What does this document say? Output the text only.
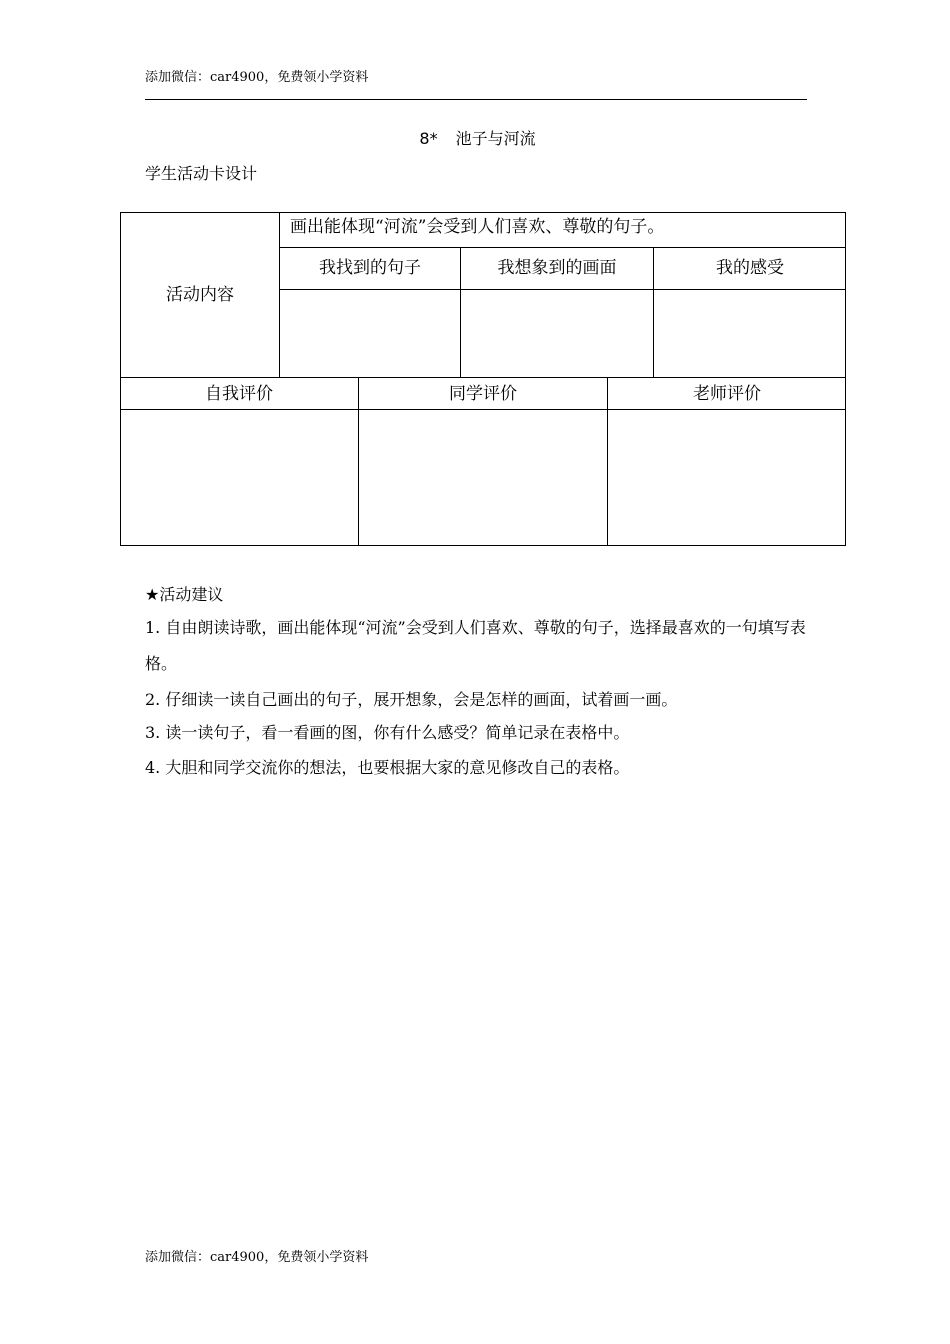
添加微信：car4900，免费领小学资料
8* 池子与河流
学生活动卡设计
活动内容
画出能体现“河流”会受到人们喜欢、尊敬的句子。
我找到的句子	我想象到的画面	我的感受
自我评价	同学评价	老师评价
★活动建议
1. 自由朗读诗歌，画出能体现“河流”会受到人们喜欢、尊敬的句子，选择最喜欢的一句填写表格。
2. 仔细读一读自己画出的句子，展开想象，会是怎样的画面，试着画一画。
3. 读一读句子，看一看画的图，你有什么感受？简单记录在表格中。
4. 大胆和同学交流你的想法，也要根据大家的意见修改自己的表格。
添加微信：car4900，免费领小学资料
